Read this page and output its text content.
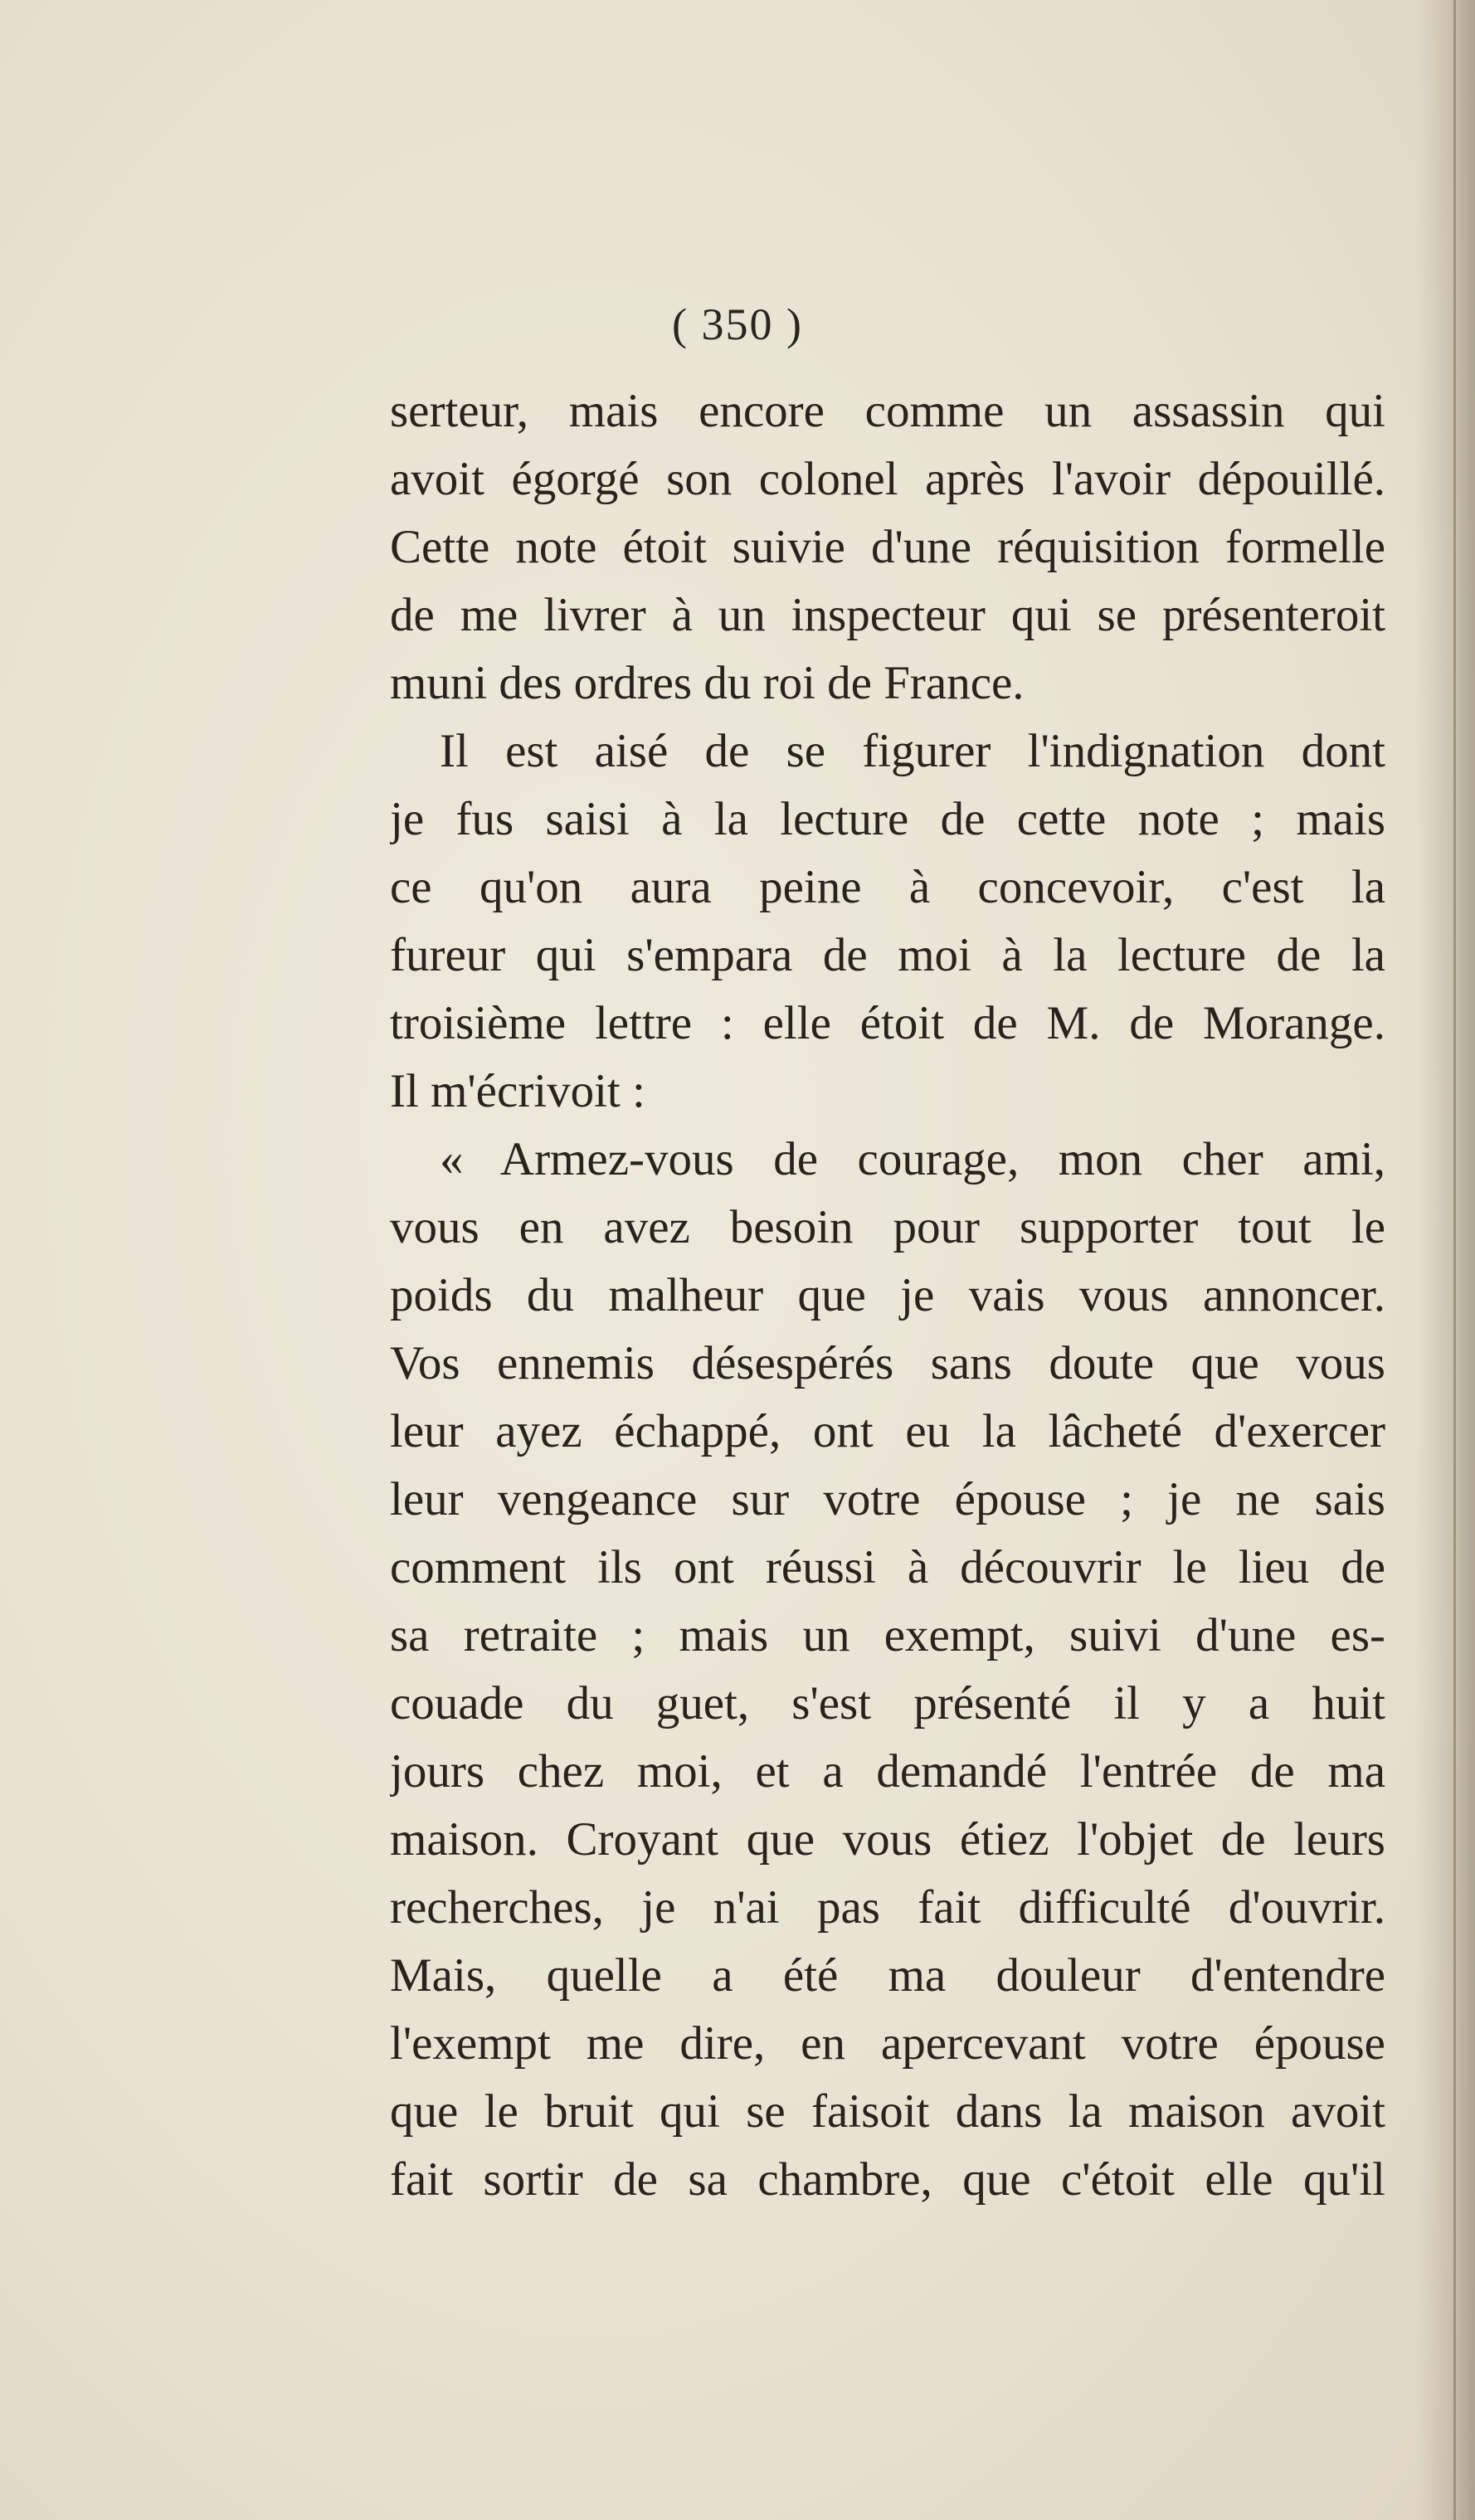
( 350 )
serteur, mais encore comme un assassin qui
avoit égorgé son colonel après l'avoir dépouillé.
Cette note étoit suivie d'une réquisition formelle
de me livrer à un inspecteur qui se présenteroit
muni des ordres du roi de France.
Il est aisé de se figurer l'indignation dont
je fus saisi à la lecture de cette note ; mais
ce qu'on aura peine à concevoir, c'est la
fureur qui s'empara de moi à la lecture de la
troisième lettre : elle étoit de M. de Morange.
Il m'écrivoit :
« Armez-vous de courage, mon cher ami,
vous en avez besoin pour supporter tout le
poids du malheur que je vais vous annoncer.
Vos ennemis désespérés sans doute que vous
leur ayez échappé, ont eu la lâcheté d'exercer
leur vengeance sur votre épouse ; je ne sais
comment ils ont réussi à découvrir le lieu de
sa retraite ; mais un exempt, suivi d'une es-
couade du guet, s'est présenté il y a huit
jours chez moi, et a demandé l'entrée de ma
maison. Croyant que vous étiez l'objet de leurs
recherches, je n'ai pas fait difficulté d'ouvrir.
Mais, quelle a été ma douleur d'entendre
l'exempt me dire, en apercevant votre épouse
que le bruit qui se faisoit dans la maison avoit
fait sortir de sa chambre, que c'étoit elle qu'il
